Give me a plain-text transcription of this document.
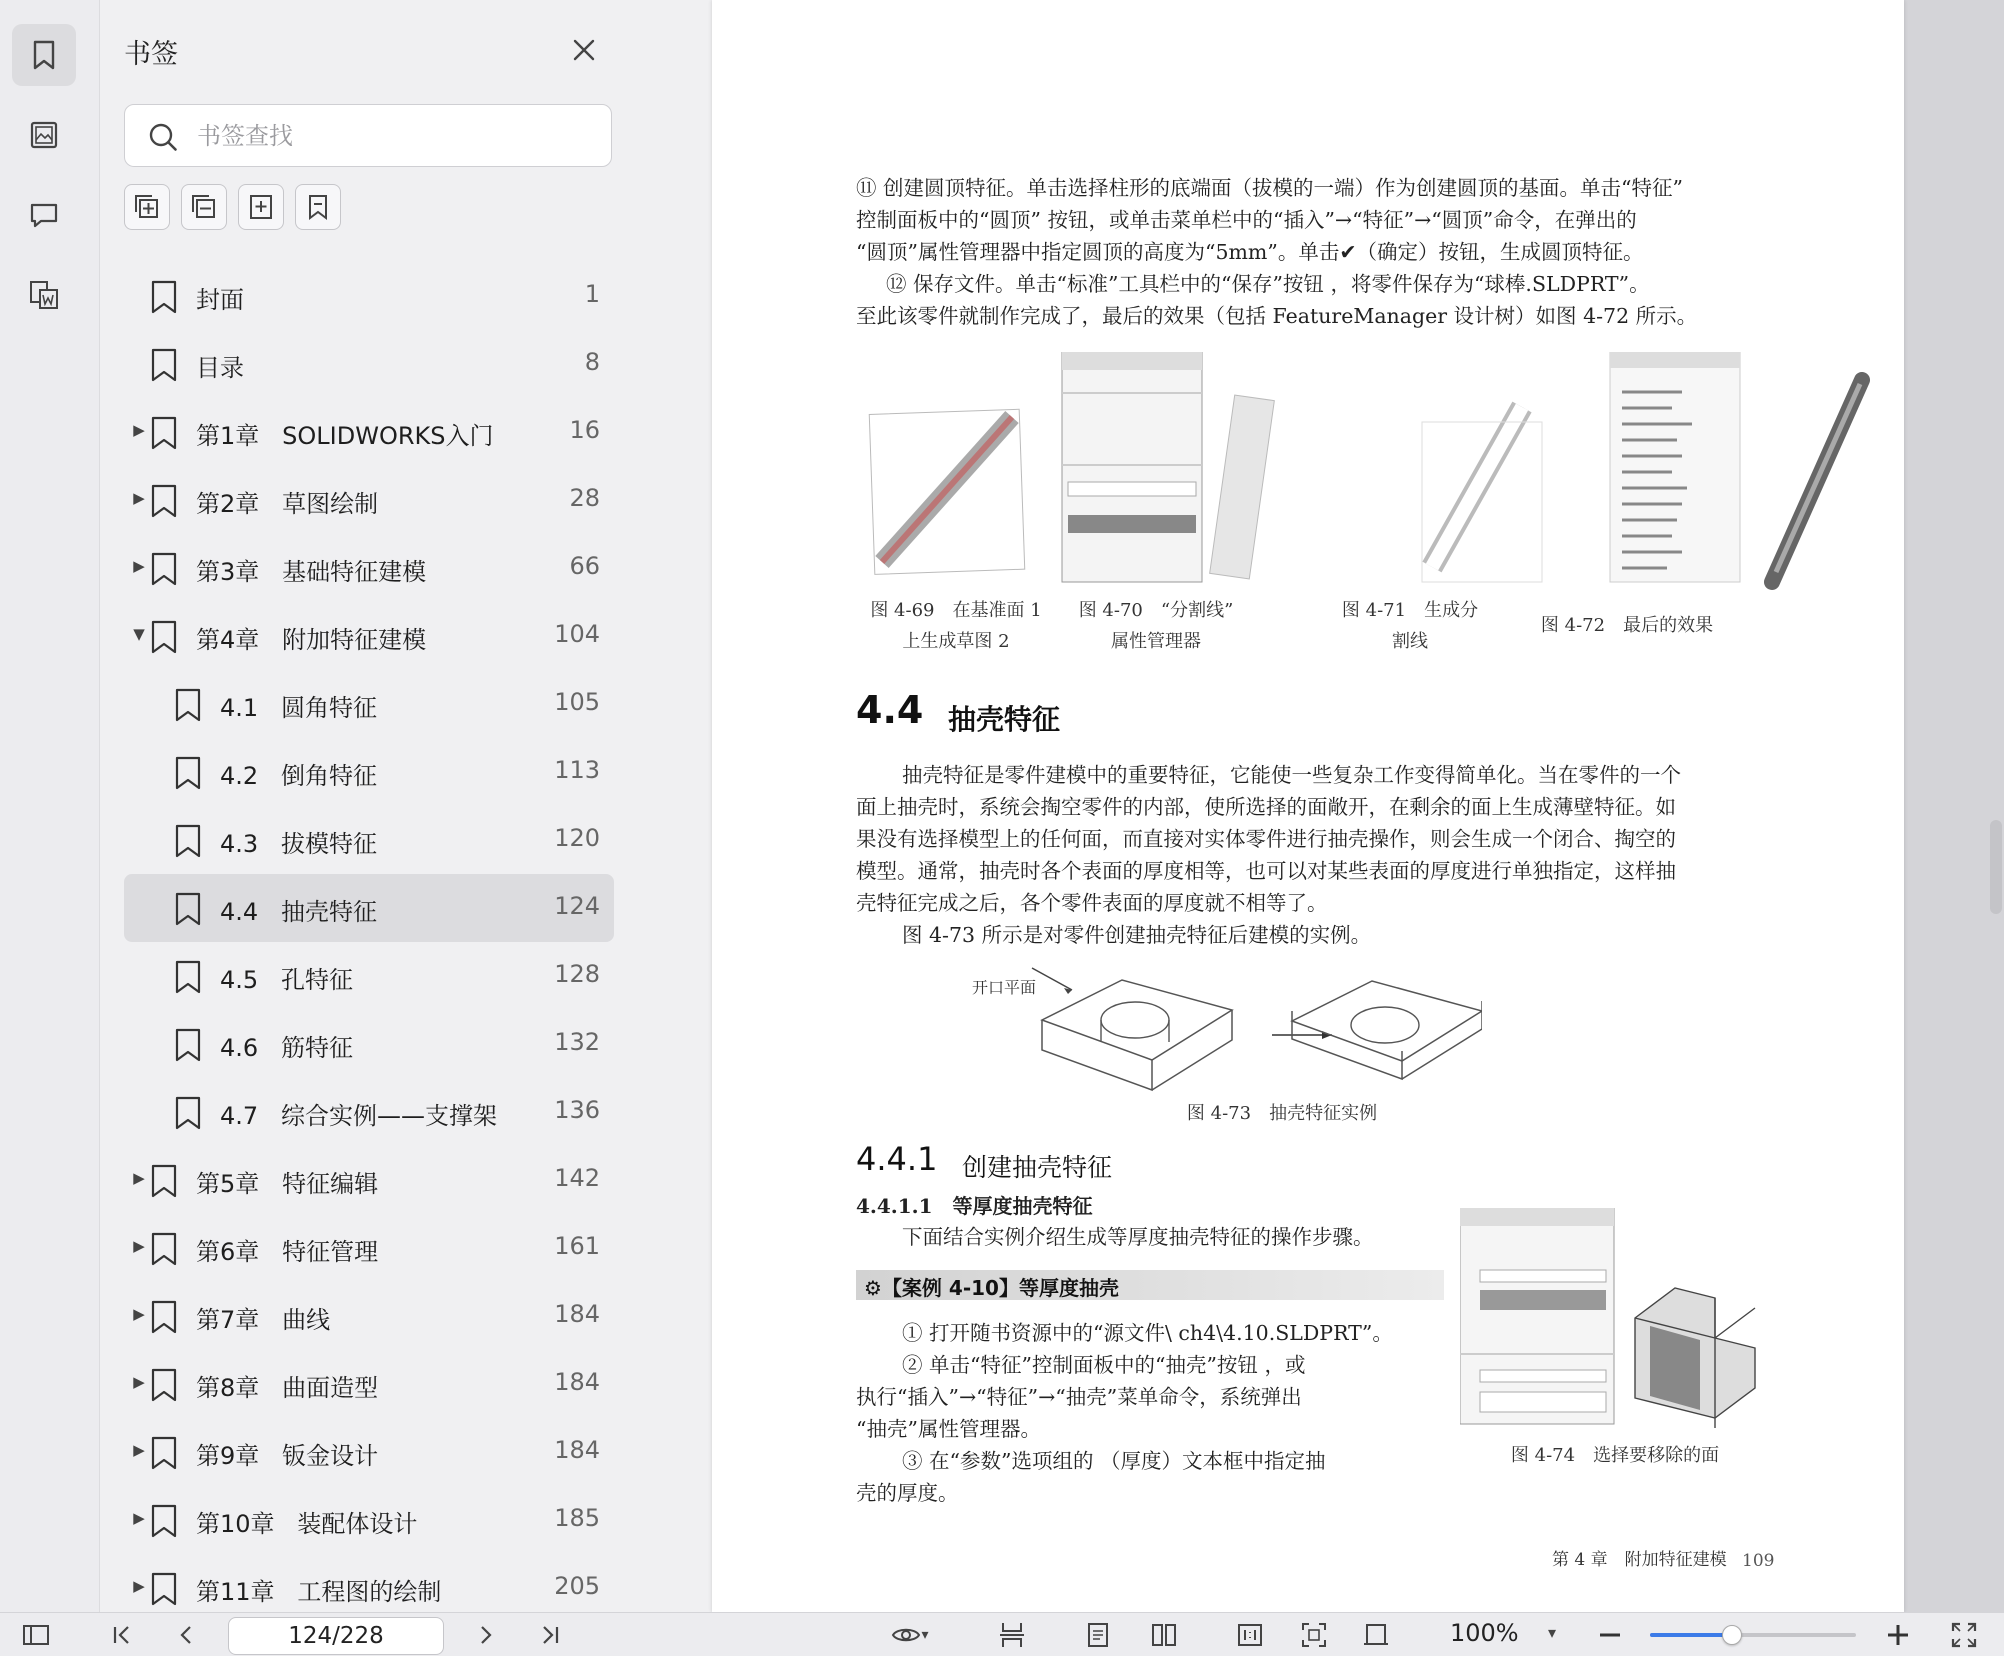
书签
书签查找
封面	1
目录	8
▶ 第1章   SOLIDWORKS入门	16
▶ 第2章   草图绘制	28
▶ 第3章   基础特征建模	66
▼ 第4章   附加特征建模	104
4.1   圆角特征	105
4.2   倒角特征	113
4.3   拔模特征	120
4.4   抽壳特征	124
4.5   孔特征	128
4.6   筋特征	132
4.7   综合实例——支撑架 136
▶ 第5章   特征编辑	142
▶ 第6章   特征管理	161
▶ 第7章   曲线	184
▶ 第8章   曲面造型	184
▶ 第9章   钣金设计	184
▶ 第10章   装配体设计	185
▶ 第11章   工程图的绘制	205
⑪ 创建圆顶特征。单击选择柱形的底端面（拔模的一端）作为创建圆顶的基面。单击“特征”
控制面板中的“圆顶” 按钮，或单击菜单栏中的“插入”→“特征”→“圆顶”命令，在弹出的
“圆顶”属性管理器中指定圆顶的高度为“5mm”。单击✔（确定）按钮，生成圆顶特征。
⑫ 保存文件。单击“标准”工具栏中的“保存”按钮 ，将零件保存为“球棒.SLDPRT”。
至此该零件就制作完成了，最后的效果（包括 FeatureManager 设计树）如图 4-72 所示。
图 4-69　在基准面 1
上生成草图 2
图 4-70　“分割线”
属性管理器
图 4-71　生成分
割线
图 4-72　最后的效果
4.4 抽壳特征
抽壳特征是零件建模中的重要特征，它能使一些复杂工作变得简单化。当在零件的一个
面上抽壳时，系统会掏空零件的内部，使所选择的面敞开，在剩余的面上生成薄壁特征。如
果没有选择模型上的任何面，而直接对实体零件进行抽壳操作，则会生成一个闭合、掏空的
模型。通常，抽壳时各个表面的厚度相等，也可以对某些表面的厚度进行单独指定，这样抽
壳特征完成之后，各个零件表面的厚度就不相等了。
图 4-73 所示是对零件创建抽壳特征后建模的实例。
开口平面
图 4-73　抽壳特征实例
4.4.1 创建抽壳特征
4.4.1.1　等厚度抽壳特征
下面结合实例介绍生成等厚度抽壳特征的操作步骤。
⚙【案例 4-10】等厚度抽壳
① 打开随书资源中的“源文件\ ch4\4.10.SLDPRT”。
② 单击“特征”控制面板中的“抽壳”按钮 ，或
执行“插入”→“特征”→“抽壳”菜单命令，系统弹出
“抽壳”属性管理器。
③ 在“参数”选项组的 （厚度）文本框中指定抽
壳的厚度。
图 4-74　选择要移除的面
第 4 章　附加特征建模 109
124/228
▾	100%	▾
